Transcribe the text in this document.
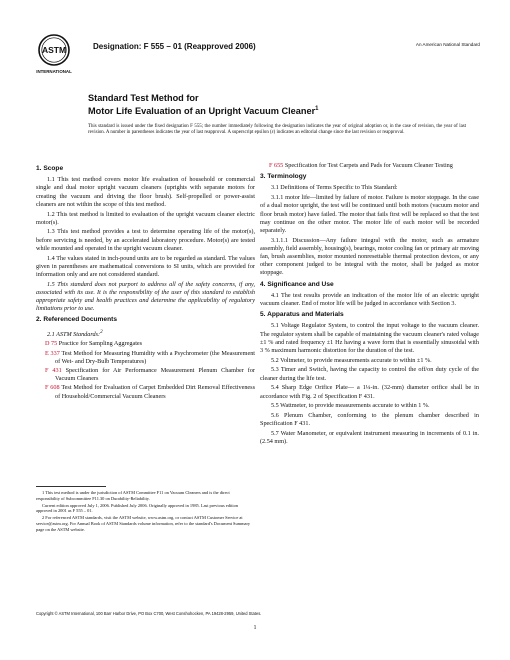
ASTM
INTERNATIONAL
Designation: F 555 – 01 (Reapproved 2006)	An American National Standard
Standard Test Method for
Motor Life Evaluation of an Upright Vacuum Cleaner$^1$
This standard is issued under the fixed designation F 555; the number immediately following the designation indicates the year of original adoption or, in the case of revision, the year of last revision. A number in parentheses indicates the year of last reapproval. A superscript epsilon (ε) indicates an editorial change since the last revision or reapproval.
1. Scope

1.1 This test method covers motor life evaluation of household or commercial single and dual motor upright vacuum cleaners (uprights with separate motors for creating the vacuum and driving the floor brush). Self-propelled or power-assist cleaners are not within the scope of this test method.

1.2 This test method is limited to evaluation of the upright vacuum cleaner electric motor(s).

1.3 This test method provides a test to determine operating life of the motor(s), before servicing is needed, by an accelerated laboratory procedure. Motor(s) are tested while mounted and operated in the upright vacuum cleaner.

1.4 The values stated in inch-pound units are to be regarded as standard. The values given in parentheses are mathematical conversions to SI units, which are provided for information only and are not considered standard.

1.5 This standard does not purport to address all of the safety concerns, if any, associated with its use. It is the responsibility of the user of this standard to establish appropriate safety and health practices and determine the applicability of regulatory limitations prior to use.

2. Referenced Documents

2.1 ASTM Standards:$^2$

D 75 Practice for Sampling Aggregates

E 337 Test Method for Measuring Humidity with a Psychrometer (the Measurement of Wet- and Dry-Bulb Temperatures)

F 431 Specification for Air Performance Measurement Plenum Chamber for Vacuum Cleaners

F 608 Test Method for Evaluation of Carpet Embedded Dirt Removal Effectiveness of Household/Commercial Vacuum Cleaners

1 This test method is under the jurisdiction of ASTM Committee F11 on Vacuum Cleaners and is the direct responsibility of Subcommittee F11.30 on Durability-Reliability.

Current edition approved July 1, 2006. Published July 2006. Originally approved in 1985. Last previous edition approved in 2001 as F 555 – 01.

2 For referenced ASTM standards, visit the ASTM website, www.astm.org, or contact ASTM Customer Service at service@astm.org. For Annual Book of ASTM Standards volume information, refer to the standard's Document Summary page on the ASTM website.

F 655 Specification for Test Carpets and Pads for Vacuum Cleaner Testing

3. Terminology

3.1 Definitions of Terms Specific to This Standard:

3.1.1 motor life—limited by failure of motor. Failure is motor stoppage. In the case of a dual motor upright, the test will be continued until both motors (vacuum motor and floor brush motor) have failed. The motor that fails first will be replaced so that the test may continue on the other motor. The motor life of each motor will be recorded separately.

3.1.1.1 Discussion—Any failure integral with the motor, such as armature assembly, field assembly, housing(s), bearings, motor cooling fan or primary air moving fan, brush assemblies, motor mounted nonresettable thermal protection devices, or any other component judged to be integral with the motor, shall be judged as motor stoppage.

4. Significance and Use

4.1 The test results provide an indication of the motor life of an electric upright vacuum cleaner. End of motor life will be judged in accordance with Section 3.

5. Apparatus and Materials

5.1 Voltage Regulator System, to control the input voltage to the vacuum cleaner. The regulator system shall be capable of maintaining the vacuum cleaner's rated voltage ±1 % and rated frequency ±1 Hz having a wave form that is essentially sinusoidal with 3 % maximum harmonic distortion for the duration of the test.

5.2 Voltmeter, to provide measurements accurate to within ±1 %.

5.3 Timer and Switch, having the capacity to control the off/on duty cycle of the cleaner during the life test.

5.4 Sharp Edge Orifice Plate— a 1¼-in. (32-mm) diameter orifice shall be in accordance with Fig. 2 of Specification F 431.

5.5 Wattmeter, to provide measurements accurate to within 1 %.

5.6 Plenum Chamber, conforming to the plenum chamber described in Specification F 431.

5.7 Water Manometer, or equivalent instrument measuring in increments of 0.1 in. (2.54 mm).

Copyright © ASTM International, 100 Barr Harbor Drive, PO Box C700, West Conshohocken, PA 19428-2959, United States.
1
